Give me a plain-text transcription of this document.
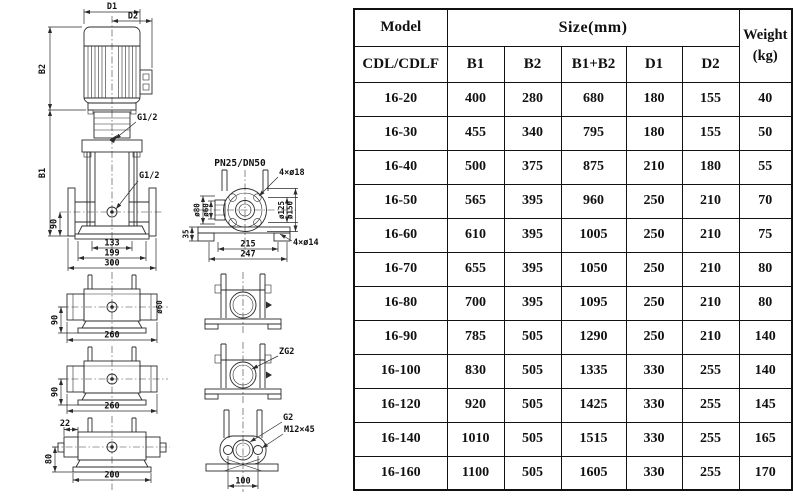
D1
D2
B2
B1
90
G1/2
G1/2
133
199
300
PN25/DN50
ø80 ø60	ø125 ø150
35
215
247
4×ø18
4×ø14
90
260
ø60
90
260
22
80
200
ZG2
G2
M12×45
100
Model	Size(mm)					Weight
(kg)

CDL/CDLF	B1	B2	B1+B2	D1	D2	
16-20	400	280	680	180	155	40
16-30	455	340	795	180	155	50
16-40	500	375	875	210	180	55
16-50	565	395	960	250	210	70
16-60	610	395	1005	250	210	75
16-70	655	395	1050	250	210	80
16-80	700	395	1095	250	210	80
16-90	785	505	1290	250	210	140
16-100	830	505	1335	330	255	140
16-120	920	505	1425	330	255	145
16-140	1010	505	1515	330	255	165
16-160	1100	505	1605	330	255	170
